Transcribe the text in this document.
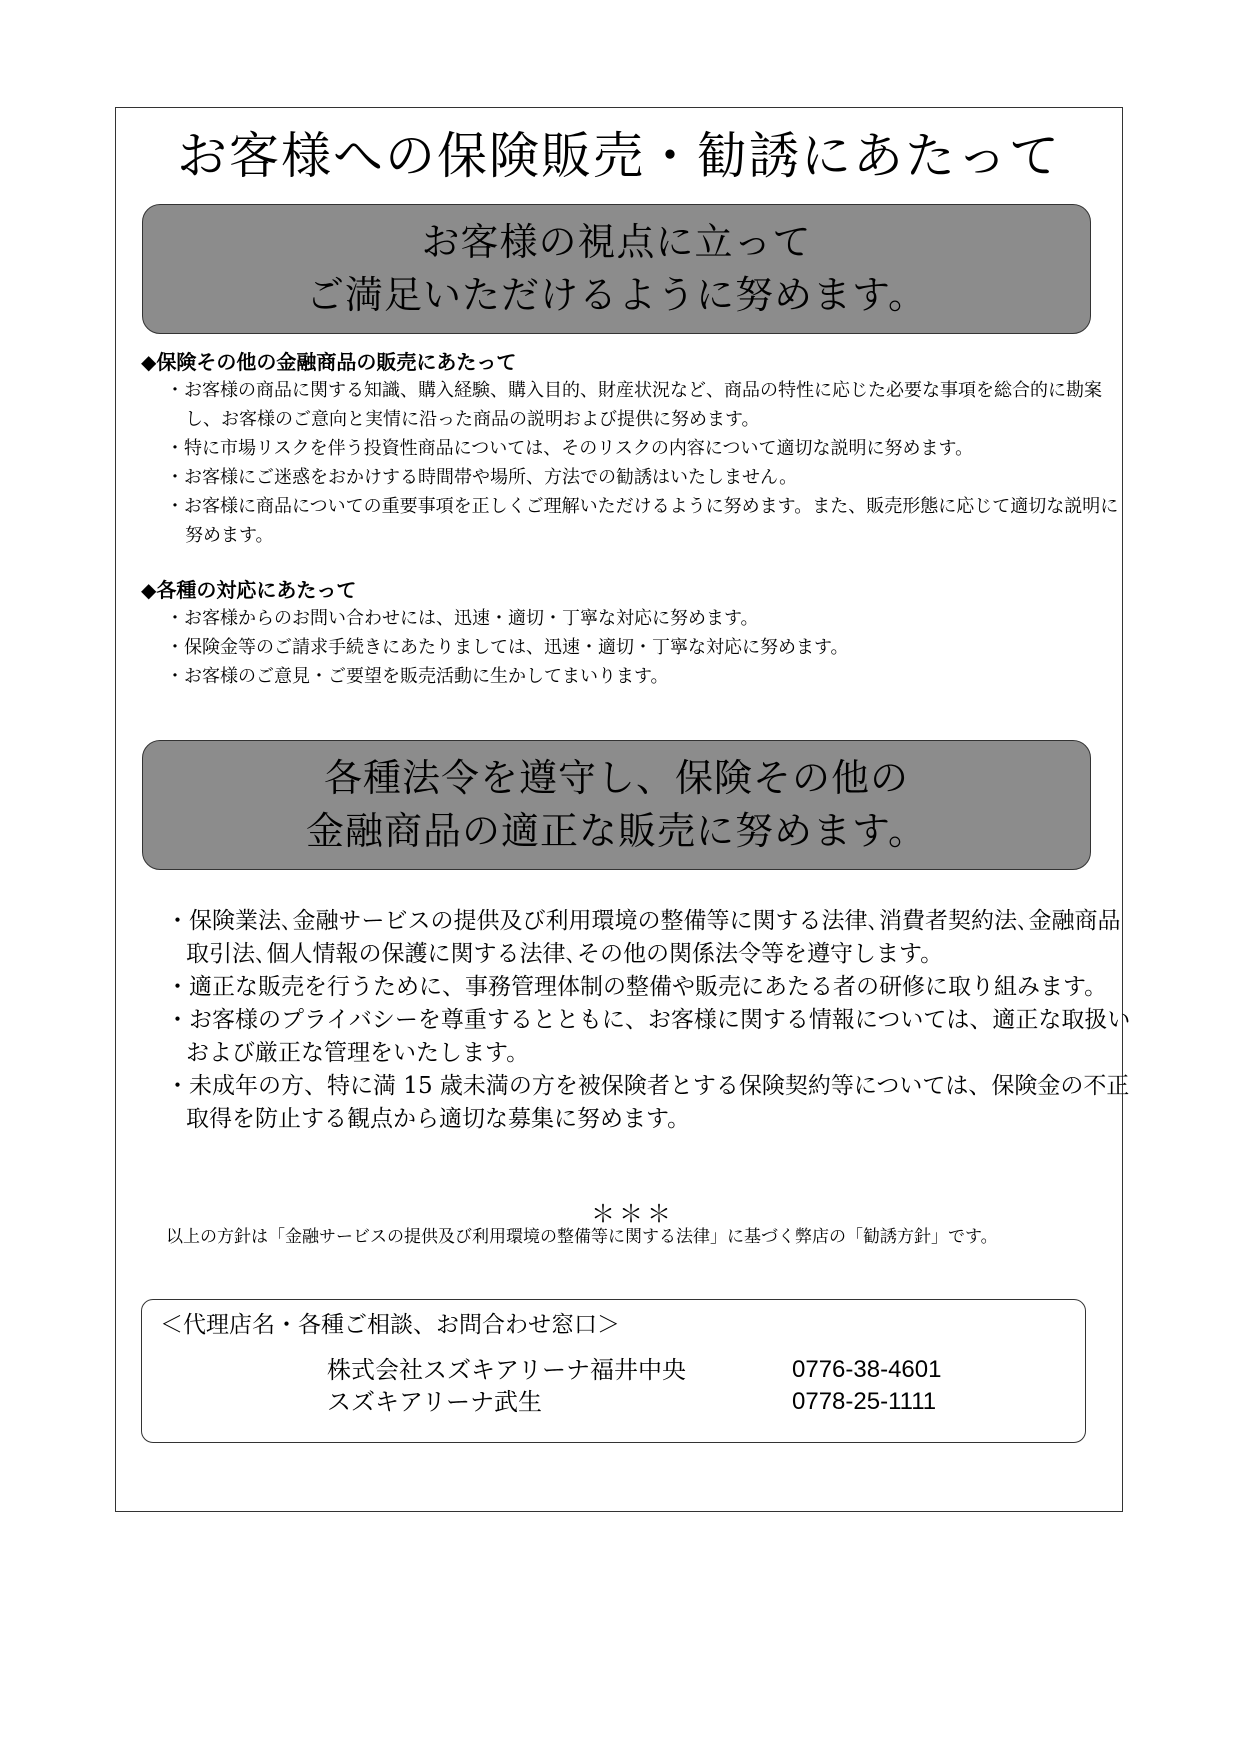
お客様への保険販売・勧誘にあたって
お客様の視点に立って
ご満足いただけるように努めます。
◆保険その他の金融商品の販売にあたって
・お客様の商品に関する知識、購入経験、購入目的、財産状況など、商品の特性に応じた必要な事項を総合的に勘案し、お客様のご意向と実情に沿った商品の説明および提供に努めます。
・特に市場リスクを伴う投資性商品については、そのリスクの内容について適切な説明に努めます。
・お客様にご迷惑をおかけする時間帯や場所、方法での勧誘はいたしません。
・お客様に商品についての重要事項を正しくご理解いただけるように努めます。また、販売形態に応じて適切な説明に努めます。
◆各種の対応にあたって
・お客様からのお問い合わせには、迅速・適切・丁寧な対応に努めます。
・保険金等のご請求手続きにあたりましては、迅速・適切・丁寧な対応に努めます。
・お客様のご意見・ご要望を販売活動に生かしてまいります。
各種法令を遵守し、保険その他の
金融商品の適正な販売に努めます。
・保険業法､金融サービスの提供及び利用環境の整備等に関する法律､消費者契約法､金融商品取引法､個人情報の保護に関する法律､その他の関係法令等を遵守します。
・適正な販売を行うために、事務管理体制の整備や販売にあたる者の研修に取り組みます。
・お客様のプライバシーを尊重するとともに、お客様に関する情報については、適正な取扱いおよび厳正な管理をいたします。
・未成年の方、特に満 15 歳未満の方を被保険者とする保険契約等については、保険金の不正取得を防止する観点から適切な募集に努めます。
＊＊＊
以上の方針は「金融サービスの提供及び利用環境の整備等に関する法律」に基づく弊店の「勧誘方針」です。
＜代理店名・各種ご相談、お問合わせ窓口＞
株式会社スズキアリーナ福井中央	0776-38-4601
スズキアリーナ武生	0778-25-1111
